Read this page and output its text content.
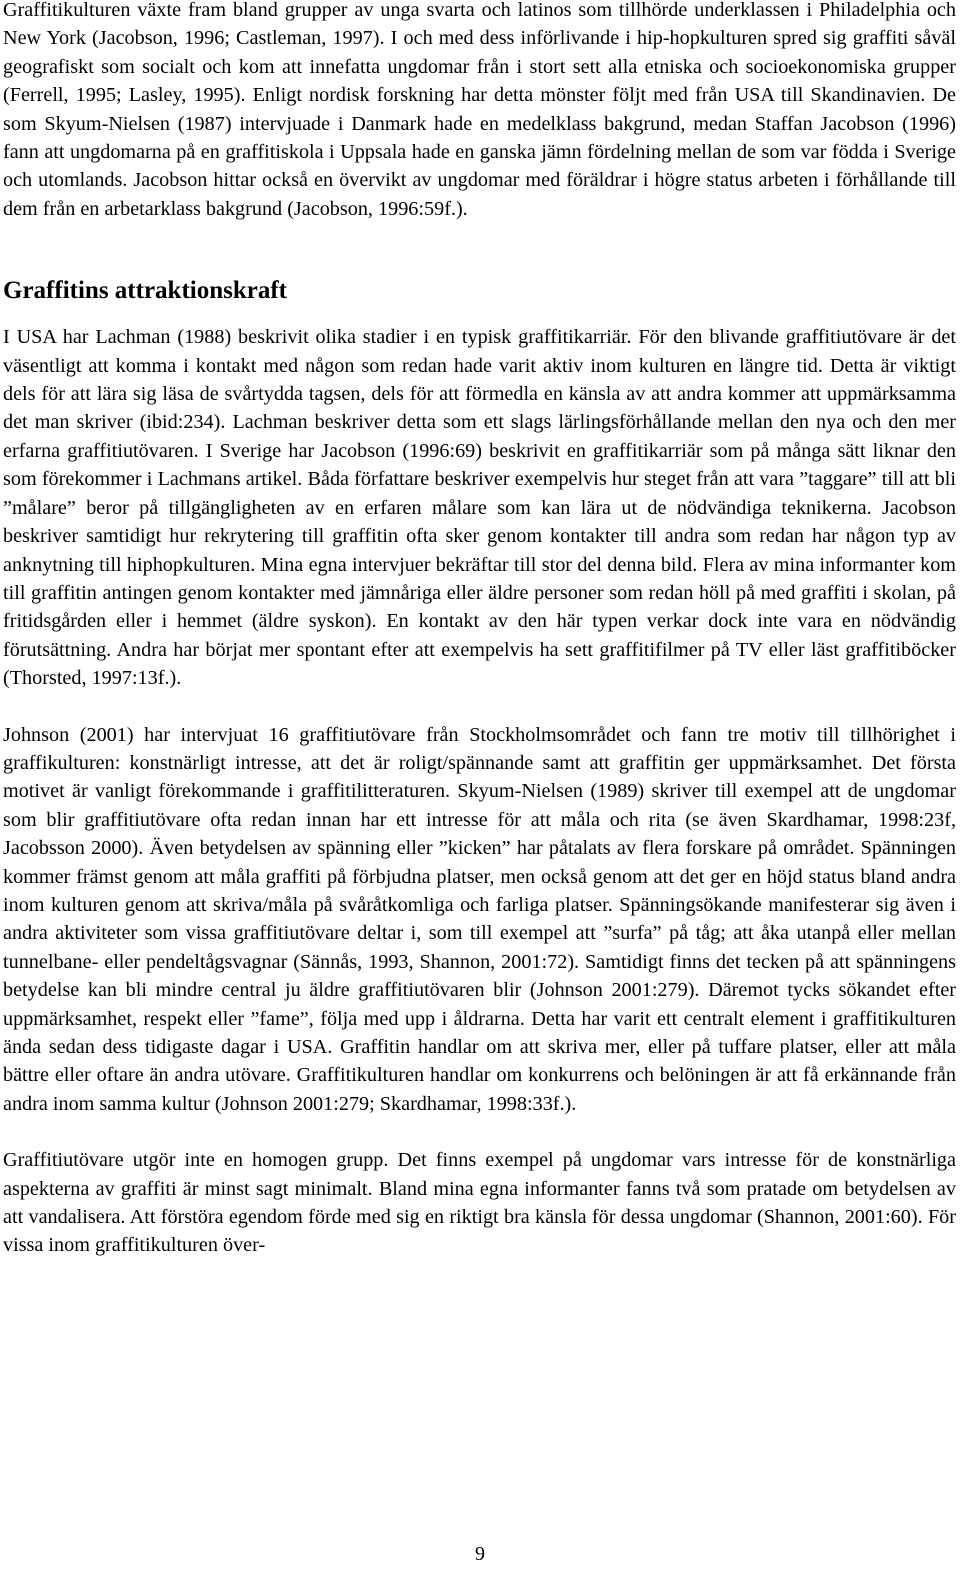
Graffitikulturen växte fram bland grupper av unga svarta och latinos som tillhörde underklassen i Philadelphia och New York (Jacobson, 1996; Castleman, 1997). I och med dess införlivande i hip-hopkulturen spred sig graffiti såväl geografiskt som socialt och kom att innefatta ungdomar från i stort sett alla etniska och socioekonomiska grupper (Ferrell, 1995; Lasley, 1995). Enligt nordisk forskning har detta mönster följt med från USA till Skandinavien. De som Skyum-Nielsen (1987) intervjuade i Danmark hade en medelklass bakgrund, medan Staffan Jacobson (1996) fann att ungdomarna på en graffitiskola i Uppsala hade en ganska jämn fördelning mellan de som var födda i Sverige och utomlands. Jacobson hittar också en övervikt av ungdomar med föräldrar i högre status arbeten i förhållande till dem från en arbetarklass bakgrund (Jacobson, 1996:59f.).

Graffitins attraktionskraft

I USA har Lachman (1988) beskrivit olika stadier i en typisk graffitikarriär. För den blivande graffitiutövare är det väsentligt att komma i kontakt med någon som redan hade varit aktiv inom kulturen en längre tid. Detta är viktigt dels för att lära sig läsa de svårtydda tagsen, dels för att förmedla en känsla av att andra kommer att uppmärksamma det man skriver (ibid:234). Lachman beskriver detta som ett slags lärlingsförhållande mellan den nya och den mer erfarna graffitiutövaren. I Sverige har Jacobson (1996:69) beskrivit en graffitikarriär som på många sätt liknar den som förekommer i Lachmans artikel. Båda författare beskriver exempelvis hur steget från att vara ”taggare” till att bli ”målare” beror på tillgängligheten av en erfaren målare som kan lära ut de nödvändiga teknikerna. Jacobson beskriver samtidigt hur rekrytering till graffitin ofta sker genom kontakter till andra som redan har någon typ av anknytning till hiphopkulturen. Mina egna intervjuer bekräftar till stor del denna bild. Flera av mina informanter kom till graffitin antingen genom kontakter med jämnåriga eller äldre personer som redan höll på med graffiti i skolan, på fritidsgården eller i hemmet (äldre syskon). En kontakt av den här typen verkar dock inte vara en nödvändig förutsättning. Andra har börjat mer spontant efter att exempelvis ha sett graffitifilmer på TV eller läst graffitiböcker (Thorsted, 1997:13f.).

Johnson (2001) har intervjuat 16 graffitiutövare från Stockholmsområdet och fann tre motiv till tillhörighet i graffikulturen: konstnärligt intresse, att det är roligt/spännande samt att graffitin ger uppmärksamhet. Det första motivet är vanligt förekommande i graffitilitteraturen. Skyum-Nielsen (1989) skriver till exempel att de ungdomar som blir graffitiutövare ofta redan innan har ett intresse för att måla och rita (se även Skardhamar, 1998:23f, Jacobsson 2000). Även betydelsen av spänning eller ”kicken” har påtalats av flera forskare på området. Spänningen kommer främst genom att måla graffiti på förbjudna platser, men också genom att det ger en höjd status bland andra inom kulturen genom att skriva/måla på svåråtkomliga och farliga platser. Spänningsökande manifesterar sig även i andra aktiviteter som vissa graffitiutövare deltar i, som till exempel att ”surfa” på tåg; att åka utanpå eller mellan tunnelbane- eller pendeltågsvagnar (Sännås, 1993, Shannon, 2001:72). Samtidigt finns det tecken på att spänningens betydelse kan bli mindre central ju äldre graffitiutövaren blir (Johnson 2001:279). Däremot tycks sökandet efter uppmärksamhet, respekt eller ”fame”, följa med upp i åldrarna. Detta har varit ett centralt element i graffitikulturen ända sedan dess tidigaste dagar i USA. Graffitin handlar om att skriva mer, eller på tuffare platser, eller att måla bättre eller oftare än andra utövare. Graffitikulturen handlar om konkurrens och belöningen är att få erkännande från andra inom samma kultur (Johnson 2001:279; Skardhamar, 1998:33f.).

Graffitiutövare utgör inte en homogen grupp. Det finns exempel på ungdomar vars intresse för de konstnärliga aspekterna av graffiti är minst sagt minimalt. Bland mina egna informanter fanns två som pratade om betydelsen av att vandalisera. Att förstöra egendom förde med sig en riktigt bra känsla för dessa ungdomar (Shannon, 2001:60). För vissa inom graffitikulturen över-

9
